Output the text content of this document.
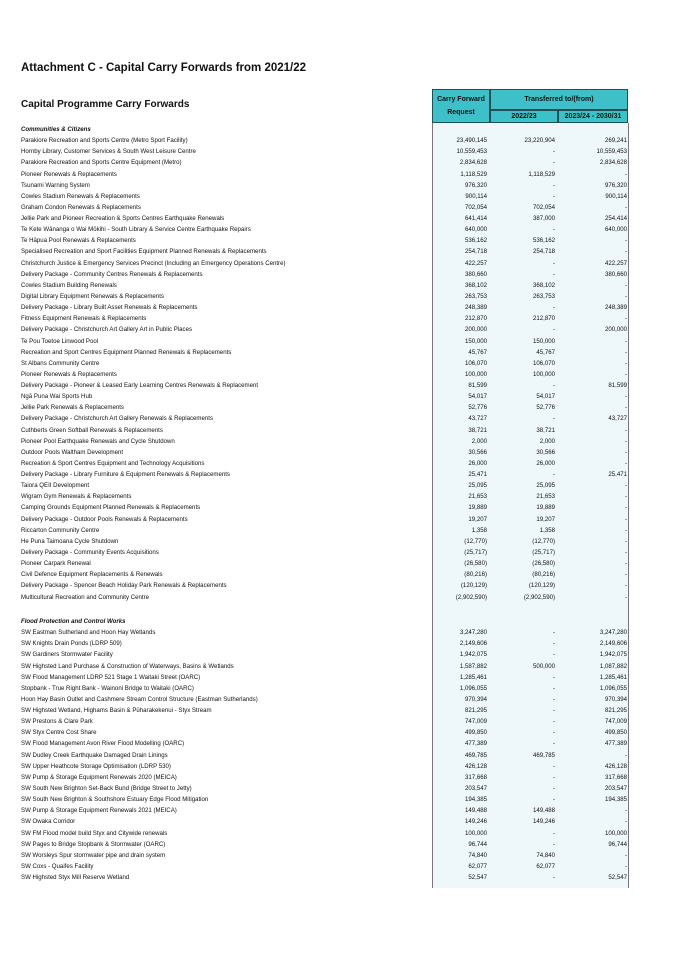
Attachment C - Capital Carry Forwards from 2021/22
Capital Programme Carry Forwards	Carry Forward
Request
Transferred to/(from)
2022/23	2023/24 - 2030/31
Communities & Citizens
Parakiore Recreation and Sports Centre (Metro Sport Facility)	23,490,145	23,220,904	269,241
Hornby Library, Customer Services & South West Leisure Centre	10,559,453	-	10,559,453
Parakiore Recreation and Sports Centre Equipment (Metro)	2,834,628	-	2,834,628
Pioneer Renewals & Replacements	1,118,529	1,118,529	-
Tsunami Warning System	976,320	-	976,320
Cowles Stadium Renewals & Replacements	900,114	-	900,114
Graham Condon Renewals & Replacements	702,054	702,054	-
Jellie Park and Pioneer Recreation & Sports Centres Earthquake Renewals	641,414	387,000	254,414
Te Kete Wānanga o Wai Mōkihi - South Library & Service Centre Earthquake Repairs	640,000	-	640,000
Te Hāpua Pool Renewals & Replacements	536,162	536,162	-
Specialised Recreation and Sport Facilities Equipment Planned Renewals & Replacements	254,718	254,718	-
Christchurch Justice & Emergency Services Precinct (Including an Emergency Operations Centre)	422,257	-	422,257
Delivery Package - Community Centres Renewals & Replacements	380,660	-	380,660
Cowles Stadium Building Renewals	368,102	368,102	-
Digital Library Equipment Renewals & Replacements	263,753	263,753	-
Delivery Package - Library Built Asset Renewals & Replacements	248,389	-	248,389
Fitness Equipment Renewals & Replacements	212,870	212,870	-
Delivery Package - Christchurch Art Gallery Art in Public Places	200,000	-	200,000
Te Pou Toetoe Linwood Pool	150,000	150,000	-
Recreation and Sport Centres Equipment Planned Renewals & Replacements	45,767	45,767	-
St Albans Community Centre	106,070	106,070	-
Pioneer Renewals & Replacements	100,000	100,000	-
Delivery Package - Pioneer & Leased Early Learning Centres Renewals & Replacement	81,599	-	81,599
Ngā Puna Wai Sports Hub	54,017	54,017	-
Jellie Park Renewals & Replacements	52,776	52,776	-
Delivery Package - Christchurch Art Gallery Renewals & Replacements	43,727	-	43,727
Cuthberts Green Softball Renewals & Replacements	38,721	38,721	-
Pioneer Pool Earthquake Renewals and Cycle Shutdown	2,000	2,000	-
Outdoor Pools Waltham Development	30,566	30,566	-
Recreation & Sport Centres Equipment and Technology Acquisitions	26,000	26,000	-
Delivery Package - Library Furniture & Equipment Renewals & Replacements	25,471	-	25,471
Taiora QEII Development	25,095	25,095	-
Wigram Gym Renewals & Replacements	21,653	21,653	-
Camping Grounds Equipment Planned Renewals & Replacements	19,889	19,889	-
Delivery Package - Outdoor Pools Renewals & Replacements	19,207	19,207	-
Riccarton Community Centre	1,358	1,358	-
He Puna Taimoana Cycle Shutdown	(12,770)	(12,770)	-
Delivery Package - Community Events Acquisitions	(25,717)	(25,717)	-
Pioneer Carpark Renewal	(26,580)	(26,580)	-
Civil Defence Equipment Replacements & Renewals	(80,216)	(80,216)	-
Delivery Package - Spencer Beach Holiday Park Renewals & Replacements	(120,129)	(120,129)	-
Multicultural Recreation and Community Centre	(2,902,590)	(2,902,590)	-
Flood Protection and Control Works
SW Eastman Sutherland and Hoon Hay Wetlands	3,247,280	-	3,247,280
SW Knights Drain Ponds (LDRP 509)	2,149,606	-	2,149,606
SW Gardiners Stormwater Facility	1,942,075	-	1,942,075
SW Highsted Land Purchase & Construction of Waterways, Basins & Wetlands	1,587,882	500,000	1,087,882
SW Flood Management LDRP 521 Stage 1 Waitaki Street (OARC)	1,285,461	-	1,285,461
Stopbank - True Right Bank - Wainoni Bridge to Waitaki (OARC)	1,096,055	-	1,096,055
Hoon Hay Basin Outlet and Cashmere Stream Control Structure (Eastman Sutherlands)	970,394	-	970,394
SW Highsted Wetland, Highams Basin & Pūharakekenui - Styx Stream	821,295	-	821,295
SW Prestons & Clare Park	747,009	-	747,009
SW Styx Centre Cost Share	499,850	-	499,850
SW Flood Management Avon River Flood Modelling (OARC)	477,389	-	477,389
SW Dudley Creek Earthquake Damaged Drain Linings	469,785	469,785	-
SW Upper Heathcote Storage Optimisation (LDRP 530)	426,128	-	426,128
SW Pump & Storage Equipment Renewals 2020 (MEICA)	317,668	-	317,668
SW South New Brighton Set-Back Bund (Bridge Street to Jetty)	203,547	-	203,547
SW South New Brighton & Southshore Estuary Edge Flood Mitigation	194,385	-	194,385
SW Pump & Storage Equipment Renewals 2021 (MEICA)	149,488	149,488	-
SW Owaka Corridor	149,246	149,246	-
SW FM Flood model build Styx and Citywide renewals	100,000	-	100,000
SW Pages to Bridge Stopbank & Stormwater (OARC)	96,744	-	96,744
SW Worsleys Spur stormwater pipe and drain system	74,840	74,840	-
SW Coxs - Quaifes Facility	62,077	62,077	-
SW Highsted Styx Mill Reserve Wetland	52,547	-	52,547
